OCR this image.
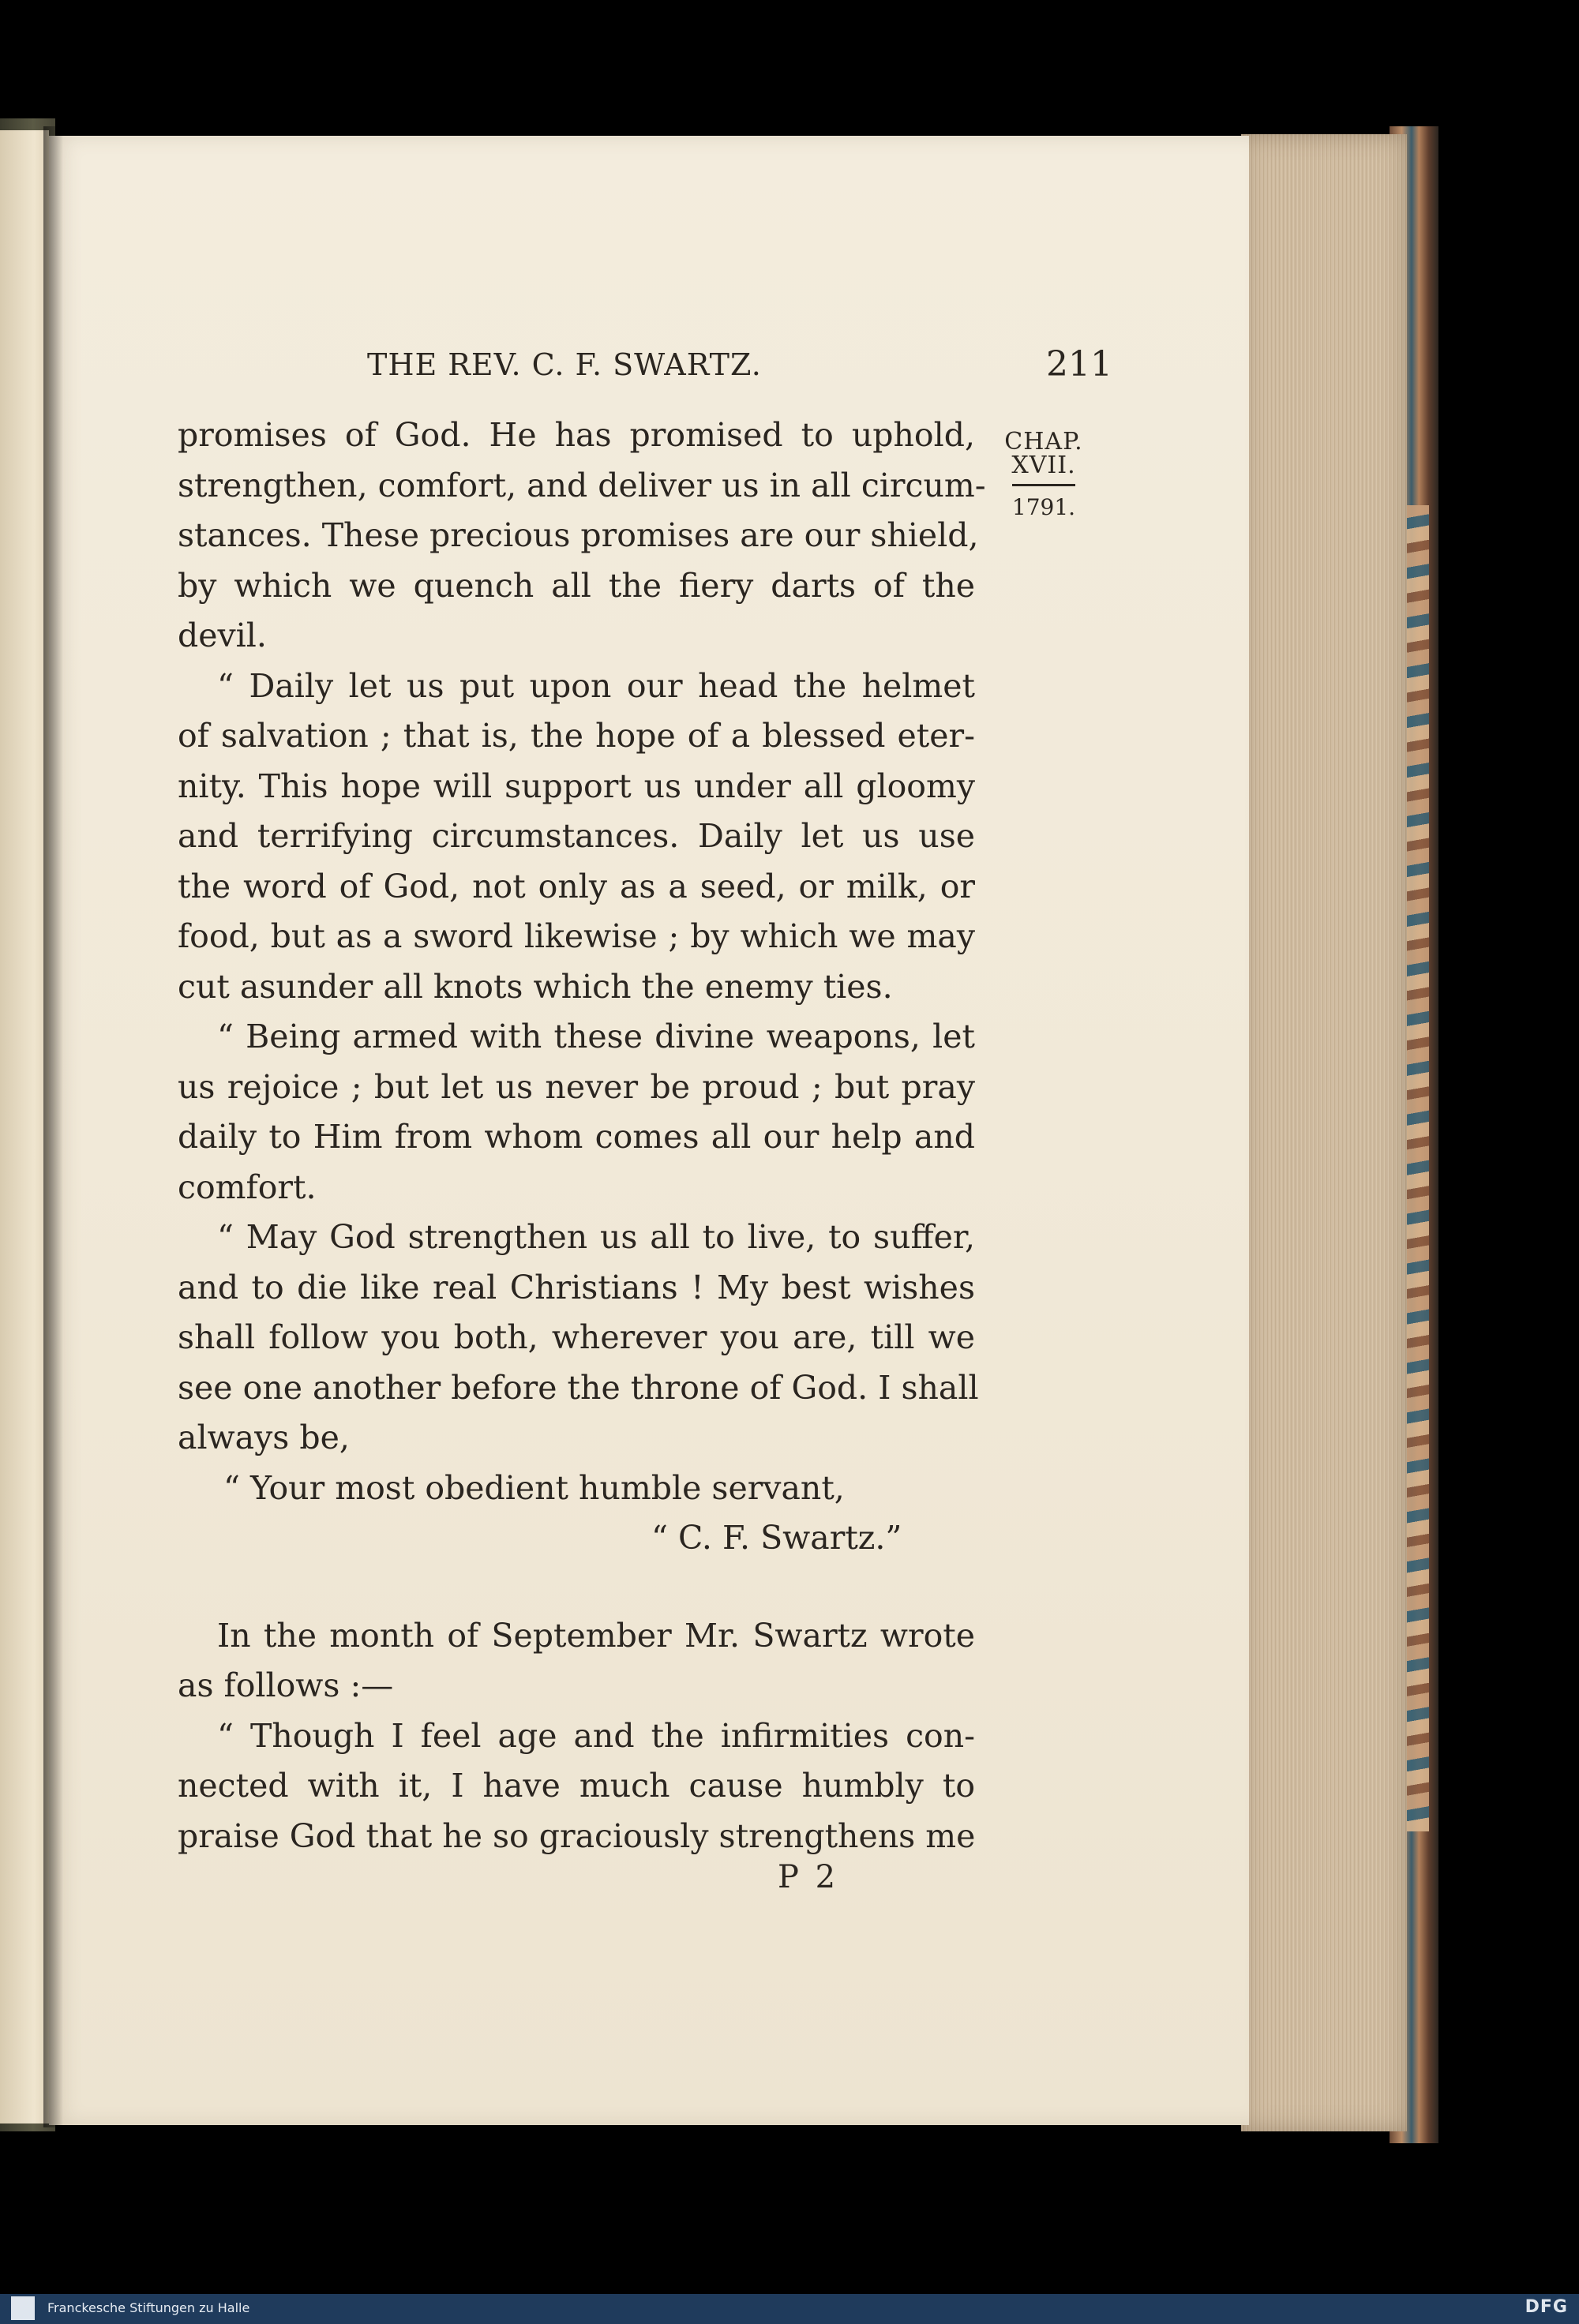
THE REV. C. F. SWARTZ.	211
CHAP.
XVII.
1791.
promises of God. He has promised to uphold,
strengthen, comfort, and deliver us in all circum-
stances. These precious promises are our shield,
by which we quench all the fiery darts of the
devil.
“ Daily let us put upon our head the helmet
of salvation ; that is, the hope of a blessed eter-
nity. This hope will support us under all gloomy
and terrifying circumstances. Daily let us use
the word of God, not only as a seed, or milk, or
food, but as a sword likewise ; by which we may
cut asunder all knots which the enemy ties.
“ Being armed with these divine weapons, let
us rejoice ; but let us never be proud ; but pray
daily to Him from whom comes all our help and
comfort.
“ May God strengthen us all to live, to suffer,
and to die like real Christians ! My best wishes
shall follow you both, wherever you are, till we
see one another before the throne of God. I shall
always be,
“ Your most obedient humble servant,
“ C. F. Swartz.”
In the month of September Mr. Swartz wrote
as follows :—
“ Though I feel age and the infirmities con-
nected with it, I have much cause humbly to
praise God that he so graciously strengthens me
P 2
Franckesche Stiftungen zu Halle	DFG
